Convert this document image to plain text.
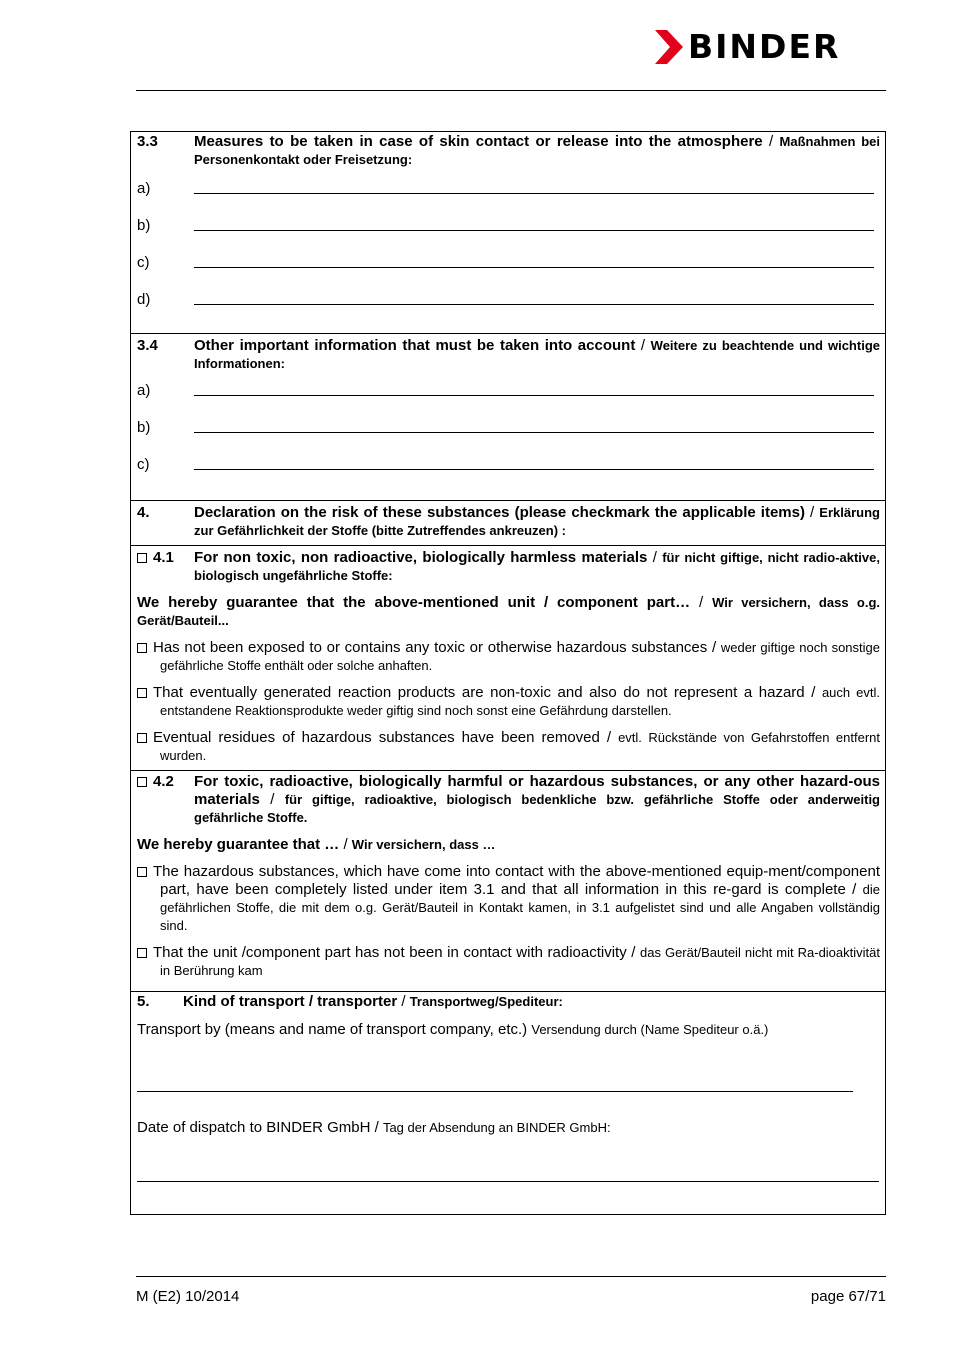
BINDER
3.3	Measures to be taken in case of skin contact or release into the atmosphere / Maßnahmen bei Personenkontakt oder Freisetzung:
a)
b)
c)
d)
3.4	Other important information that must be taken into account / Weitere zu beachtende und wichtige Informationen:
a)
b)
c)
4.	Declaration on the risk of these substances (please checkmark the applicable items) / Erklärung zur Gefährlichkeit der Stoffe (bitte Zutreffendes ankreuzen) :
4.1	For non toxic, non radioactive, biologically harmless materials / für nicht giftige, nicht radio-aktive, biologisch ungefährliche Stoffe:
We hereby guarantee that the above-mentioned unit / component part… / Wir versichern, dass o.g. Gerät/Bauteil...
Has not been exposed to or contains any toxic or otherwise hazardous substances / weder giftige noch sonstige gefährliche Stoffe enthält oder solche anhaften.
That eventually generated reaction products are non-toxic and also do not represent a hazard / auch evtl. entstandene Reaktionsprodukte weder giftig sind noch sonst eine Gefährdung darstellen.
Eventual residues of hazardous substances have been removed / evtl. Rückstände von Gefahrstoffen entfernt wurden.
4.2	For toxic, radioactive, biologically harmful or hazardous substances, or any other hazard-ous materials / für giftige, radioaktive, biologisch bedenkliche bzw. gefährliche Stoffe oder anderweitig gefährliche Stoffe.
We hereby guarantee that … / Wir versichern, dass …
The hazardous substances, which have come into contact with the above-mentioned equip-ment/component part, have been completely listed under item 3.1 and that all information in this re-gard is complete / die gefährlichen Stoffe, die mit dem o.g. Gerät/Bauteil in Kontakt kamen, in 3.1 aufgelistet sind und alle Angaben vollständig sind.
That the unit /component part has not been in contact with radioactivity / das Gerät/Bauteil nicht mit Ra-dioaktivität in Berührung kam
5.	Kind of transport / transporter / Transportweg/Spediteur:
Transport by (means and name of transport company, etc.) Versendung durch (Name Spediteur o.ä.)
Date of dispatch to BINDER GmbH / Tag der Absendung an BINDER GmbH:
M (E2) 10/2014	page 67/71
